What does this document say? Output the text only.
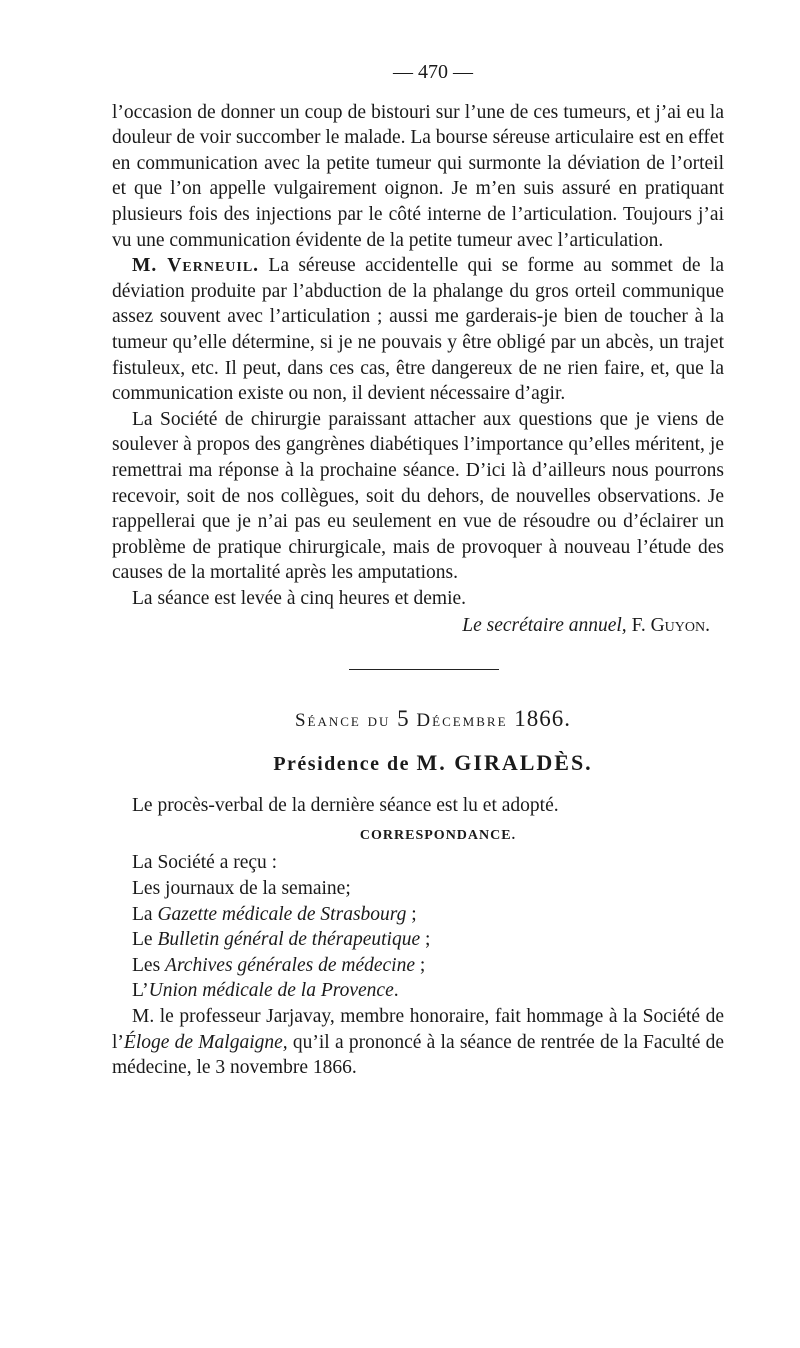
— 470 —

l’occasion de donner un coup de bistouri sur l’une de ces tumeurs, et j’ai eu la douleur de voir succomber le malade. La bourse séreuse articulaire est en effet en communication avec la petite tumeur qui surmonte la déviation de l’orteil et que l’on appelle vulgairement oignon. Je m’en suis assuré en pratiquant plusieurs fois des injections par le côté interne de l’articulation. Toujours j’ai vu une communication évidente de la petite tumeur avec l’articulation.

M. Verneuil. La séreuse accidentelle qui se forme au sommet de la déviation produite par l’abduction de la phalange du gros orteil communique assez souvent avec l’articulation ; aussi me garderais-je bien de toucher à la tumeur qu’elle détermine, si je ne pouvais y être obligé par un abcès, un trajet fistuleux, etc. Il peut, dans ces cas, être dangereux de ne rien faire, et, que la communication existe ou non, il devient nécessaire d’agir.

La Société de chirurgie paraissant attacher aux questions que je viens de soulever à propos des gangrènes diabétiques l’importance qu’elles méritent, je remettrai ma réponse à la prochaine séance. D’ici là d’ailleurs nous pourrons recevoir, soit de nos collègues, soit du dehors, de nouvelles observations. Je rappellerai que je n’ai pas eu seulement en vue de résoudre ou d’éclairer un problème de pratique chirurgicale, mais de provoquer à nouveau l’étude des causes de la mortalité après les amputations.

La séance est levée à cinq heures et demie.

Le secrétaire annuel, F. Guyon.

Séance du 5 Décembre 1866.
Présidence de M. GIRALDÈS.

Le procès-verbal de la dernière séance est lu et adopté.

CORRESPONDANCE.

La Société a reçu :

Les journaux de la semaine;

La Gazette médicale de Strasbourg ;

Le Bulletin général de thérapeutique ;

Les Archives générales de médecine ;

L’Union médicale de la Provence.

M. le professeur Jarjavay, membre honoraire, fait hommage à la Société de l’Éloge de Malgaigne, qu’il a prononcé à la séance de rentrée de la Faculté de médecine, le 3 novembre 1866.
